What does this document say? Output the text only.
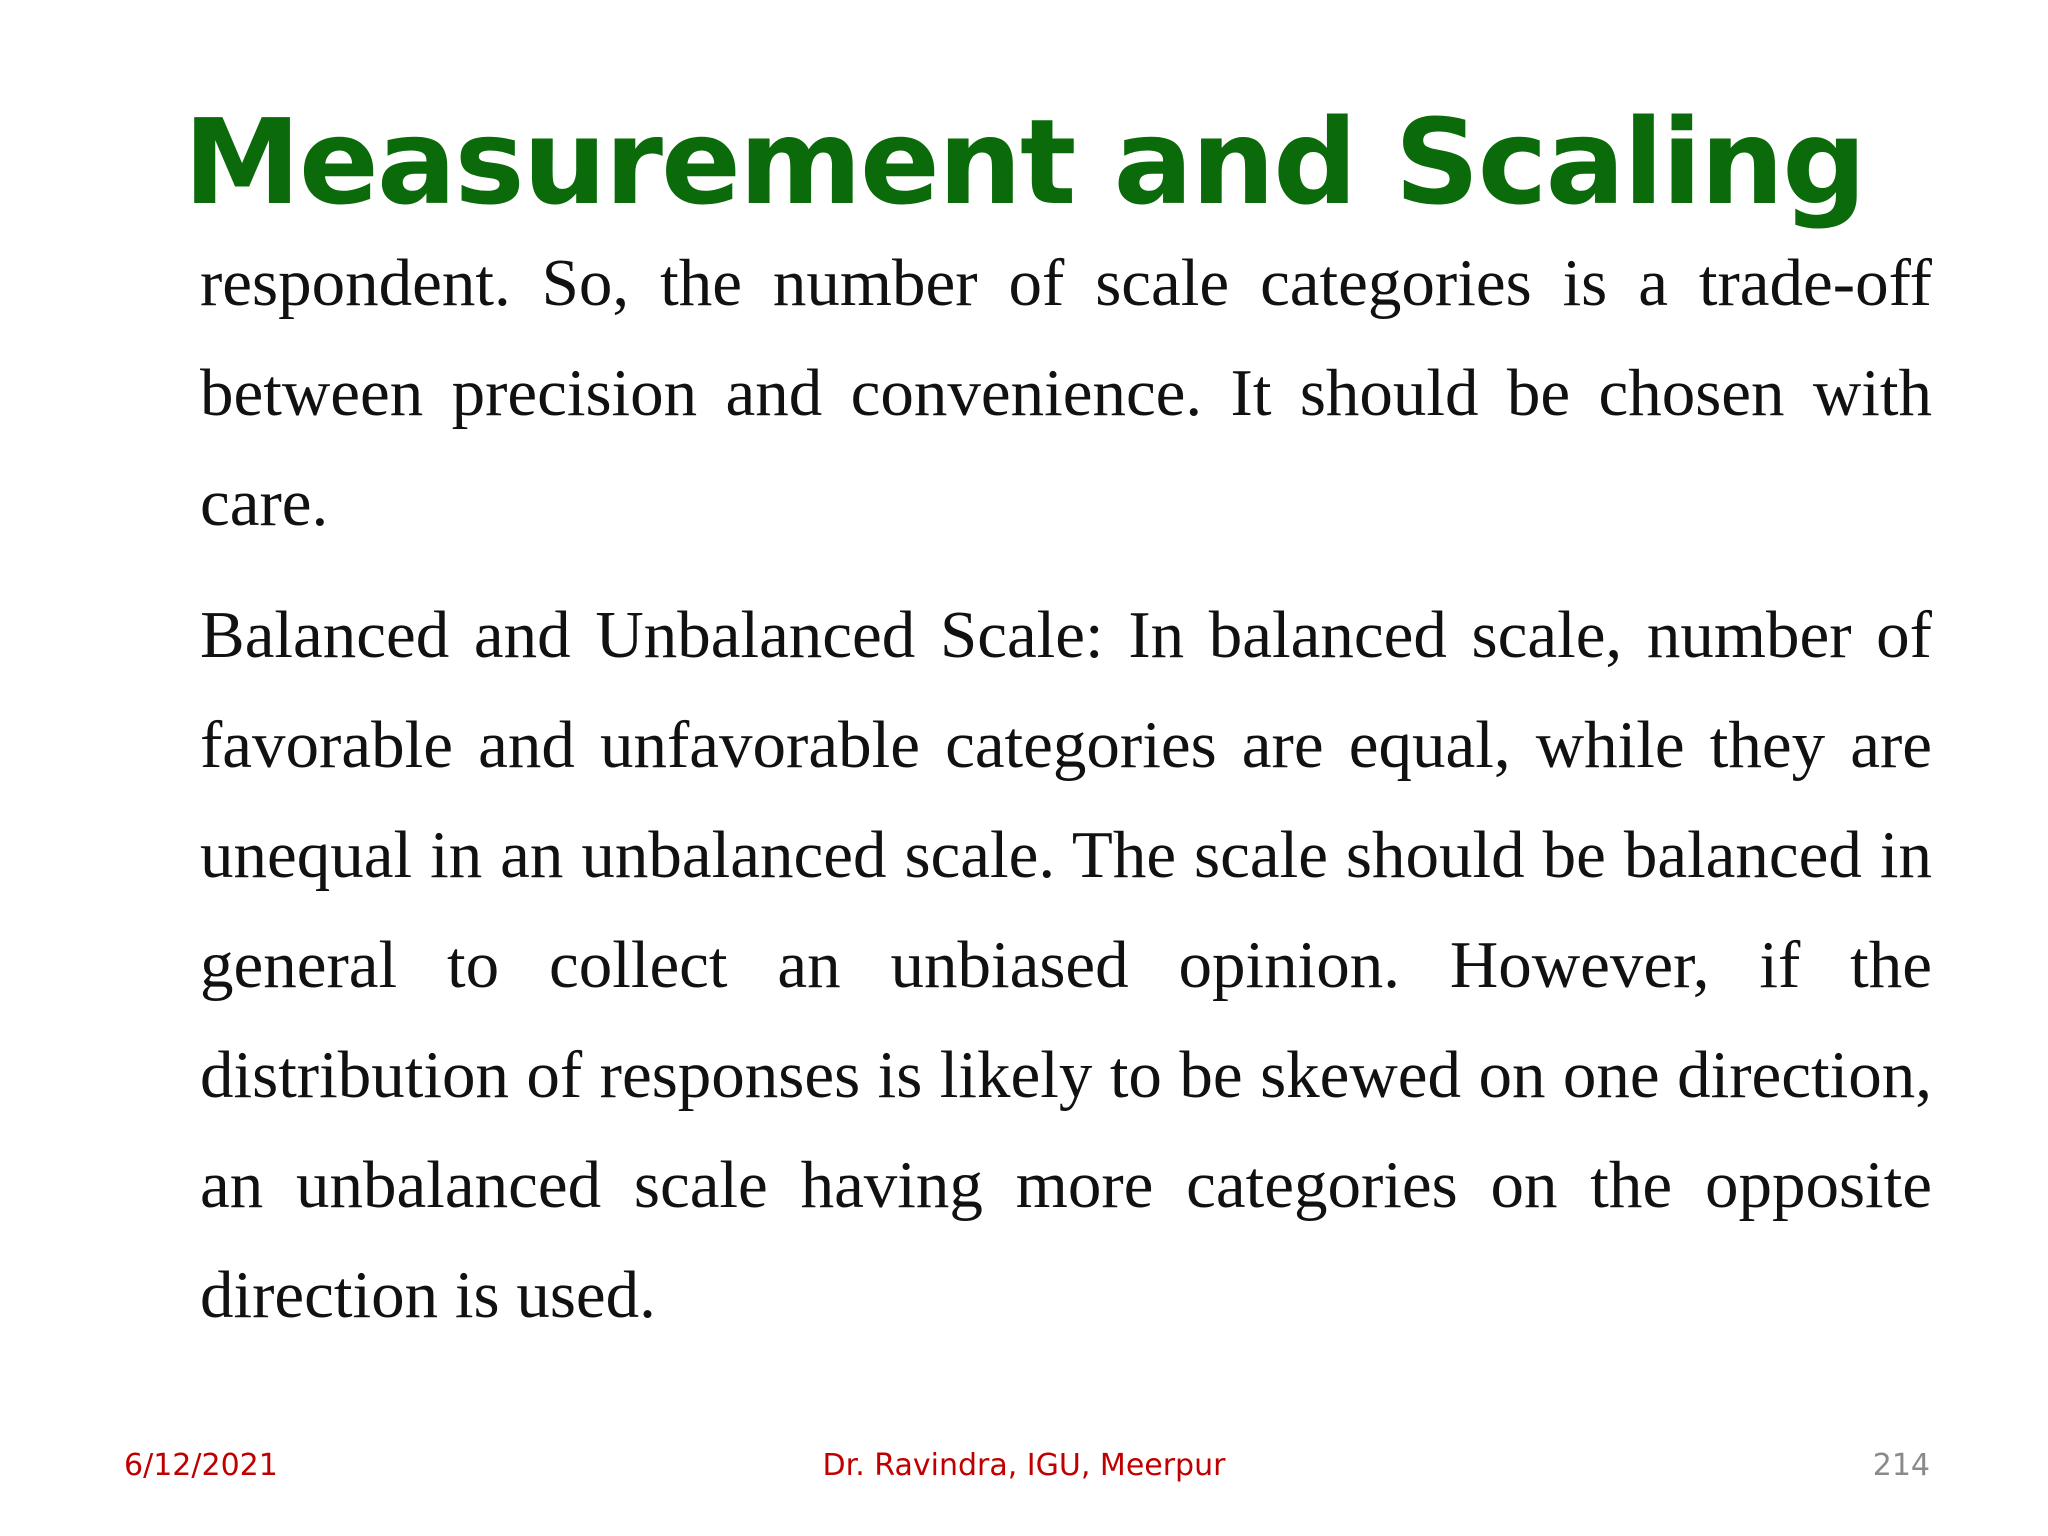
Measurement and Scaling
respondent. So, the number of scale categories is a trade-off between precision and convenience. It should be chosen with care.
Balanced and Unbalanced Scale: In balanced scale, number of favorable and unfavorable categories are equal, while they are unequal in an unbalanced scale. The scale should be balanced in general to collect an unbiased opinion. However, if the distribution of responses is likely to be skewed on one direction, an unbalanced scale having more categories on the opposite direction is used.
Dr. Ravindra, IGU, Meerpur
6/12/2021	214
